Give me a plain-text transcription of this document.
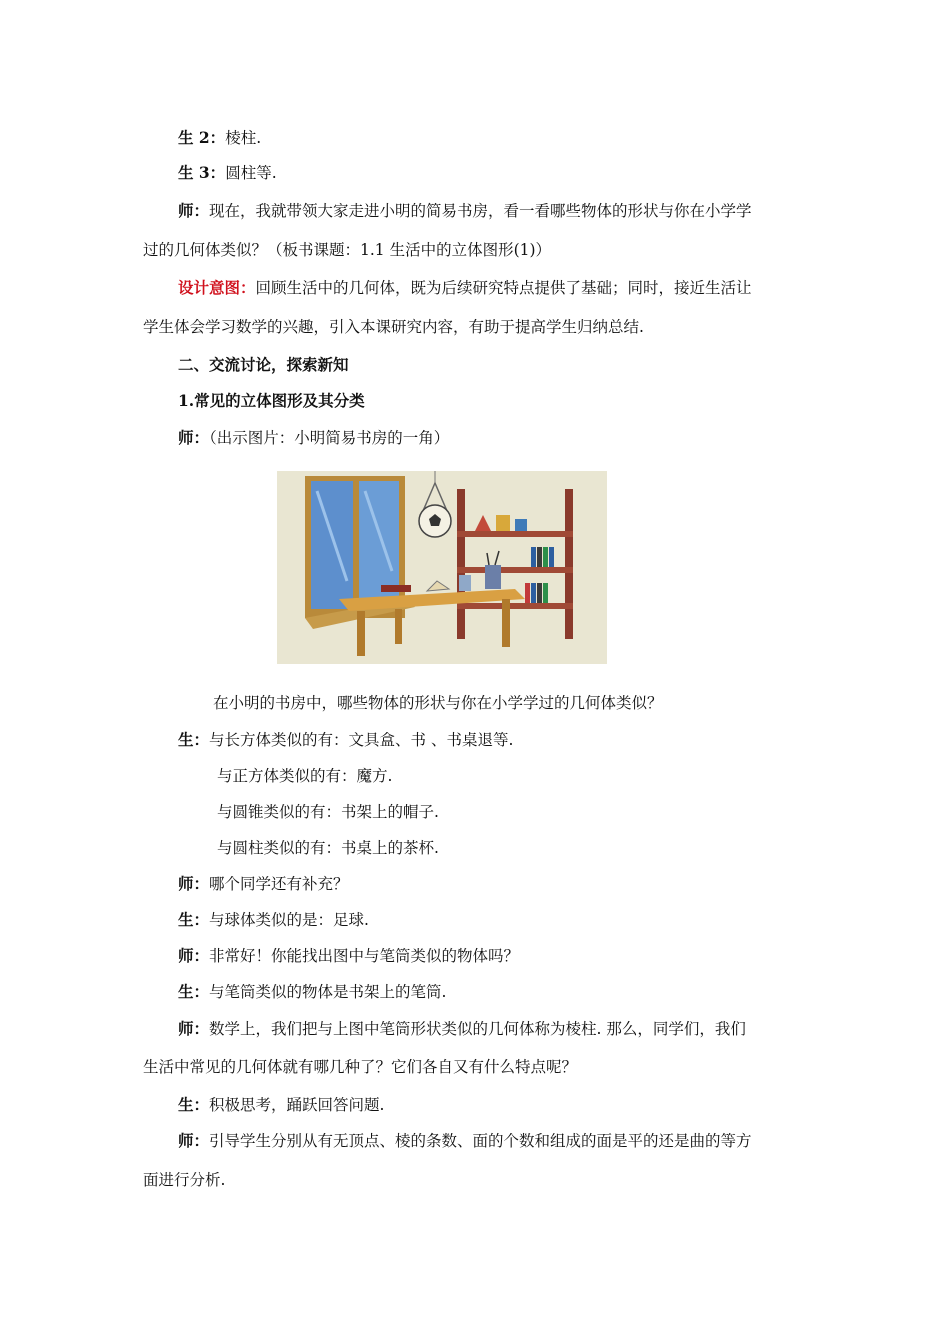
生 2：棱柱.
生 3：圆柱等.
师：现在，我就带领大家走进小明的简易书房，看一看哪些物体的形状与你在小学学
过的几何体类似？（板书课题：1.1 生活中的立体图形(1)）
设计意图：回顾生活中的几何体，既为后续研究特点提供了基础；同时，接近生活让
学生体会学习数学的兴趣，引入本课研究内容，有助于提高学生归纳总结.
二、交流讨论，探索新知
1.常见的立体图形及其分类
师：（出示图片：小明简易书房的一角）
在小明的书房中，哪些物体的形状与你在小学学过的几何体类似？
生：与长方体类似的有：文具盒、书 、书桌退等.
与正方体类似的有：魔方.
与圆锥类似的有：书架上的帽子.
与圆柱类似的有：书桌上的茶杯.
师：哪个同学还有补充？
生：与球体类似的是：足球.
师：非常好！你能找出图中与笔筒类似的物体吗？
生：与笔筒类似的物体是书架上的笔筒.
师：数学上，我们把与上图中笔筒形状类似的几何体称为棱柱. 那么，同学们，我们
生活中常见的几何体就有哪几种了？它们各自又有什么特点呢？
生：积极思考，踊跃回答问题.
师：引导学生分别从有无顶点、棱的条数、面的个数和组成的面是平的还是曲的等方
面进行分析.
